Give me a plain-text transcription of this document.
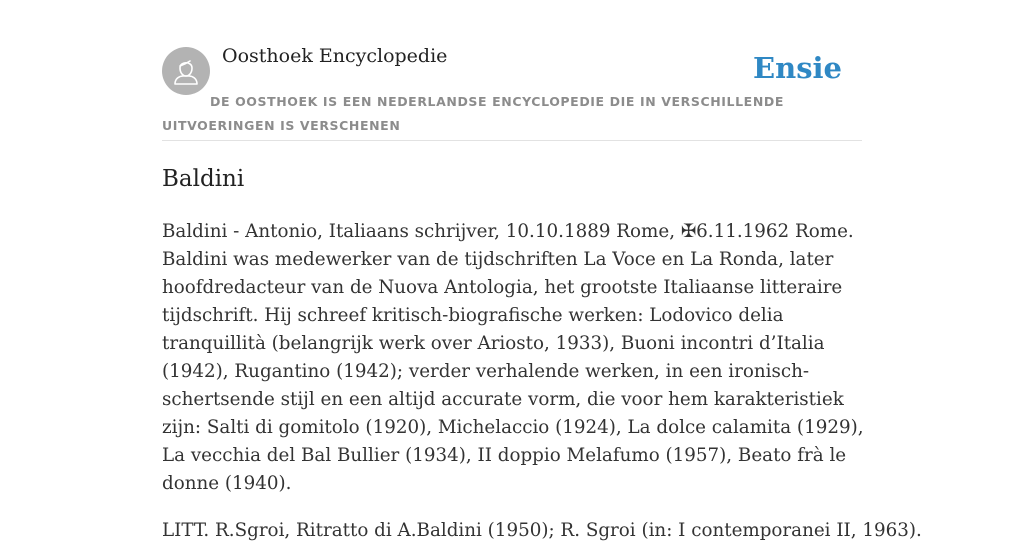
Oosthoek Encyclopedie	Ensie
DE OOSTHOEK IS EEN NEDERLANDSE ENCYCLOPEDIE DIE IN VERSCHILLENDE UITVOERINGEN IS VERSCHENEN
Baldini

Baldini - Antonio, Italiaans schrijver, 10.10.1889 Rome, ✠6.11.1962 Rome. Baldini was medewerker van de tijdschriften La Voce en La Ronda, later hoofdredacteur van de Nuova Antologia, het grootste Italiaanse litteraire tijdschrift. Hij schreef kritisch-biografische werken: Lodovico delia tranquillità (belangrijk werk over Ariosto, 1933), Buoni incontri d’Italia (1942), Rugantino (1942); verder verhalende werken, in een ironisch-schertsende stijl en een altijd accurate vorm, die voor hem karakteristiek zijn: Salti di gomitolo (1920), Michelaccio (1924), La dolce calamita (1929), La vecchia del Bal Bullier (1934), II doppio Melafumo (1957), Beato frà le donne (1940).

LITT. R.Sgroi, Ritratto di A.Baldini (1950); R. Sgroi (in: I contemporanei II, 1963).
